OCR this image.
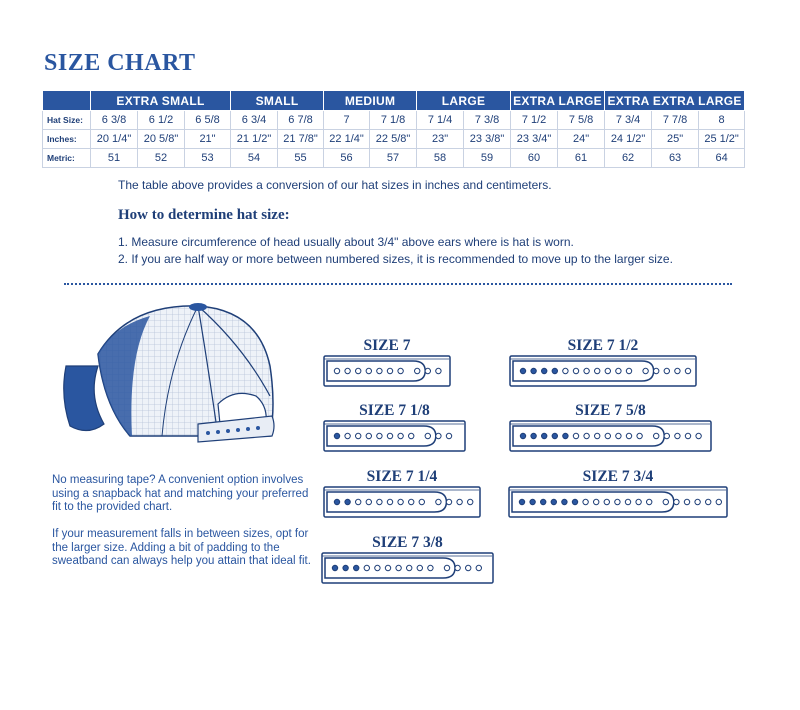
SIZE CHART
	EXTRA SMALL			SMALL		MEDIUM		LARGE		EXTRA LARGE		EXTRA EXTRA LARGE		
Hat Size:	6 3/8	6 1/2	6 5/8	6 3/4	6 7/8	7	7 1/8	7 1/4	7 3/8	7 1/2	7 5/8	7 3/4	7 7/8	8
Inches:	20 1/4"	20 5/8"	21"	21 1/2"	21 7/8"	22 1/4"	22 5/8"	23"	23 3/8"	23 3/4"	24"	24 1/2"	25"	25 1/2"
Metric:	51	52	53	54	55	56	57	58	59	60	61	62	63	64

The table above provides a conversion of our hat sizes in inches and centimeters.

How to determine hat size:
1. Measure circumference of head usually about 3/4" above ears where is hat is worn.
2. If you are half way or more between numbered sizes, it is recommended to move up to the larger size.

No measuring tape? A convenient option involves using a snapback hat and matching your preferred fit to the provided chart.

If your measurement falls in between sizes, opt for the larger size. Adding a bit of padding to the sweatband can always help you attain that ideal fit.

SIZE 7
SIZE 7 1/8
SIZE 7 1/4
SIZE 7 3/8
SIZE 7 1/2
SIZE 7 5/8
SIZE 7 3/4
